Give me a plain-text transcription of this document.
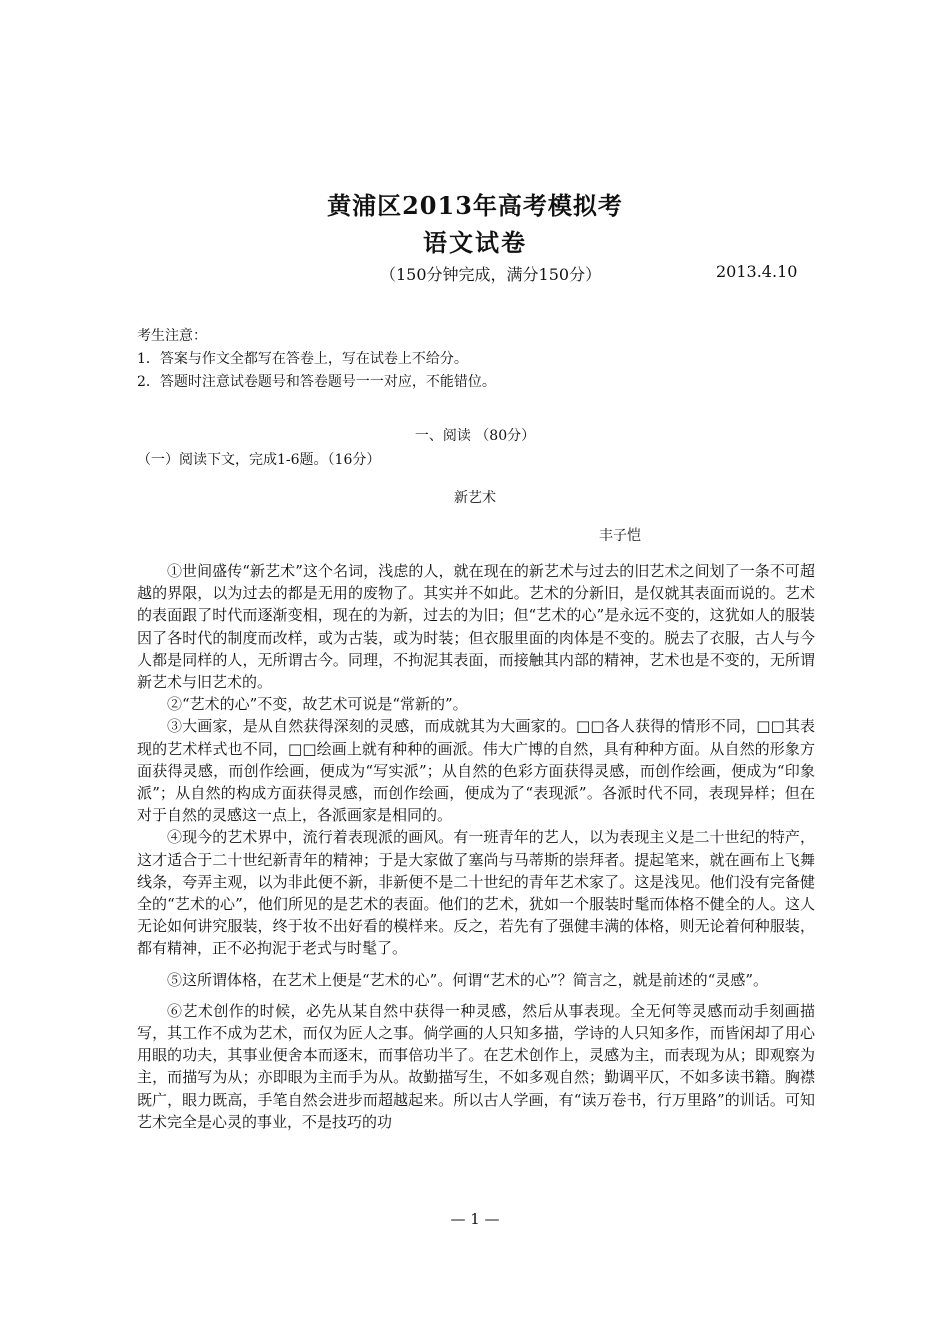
黄浦区2013年高考模拟考
语文试卷
（150分钟完成，满分150分）	2013.4.10
考生注意：
1．答案与作文全都写在答卷上，写在试卷上不给分。
2．答题时注意试卷题号和答卷题号一一对应，不能错位。
一、阅读 （80分）
（一）阅读下文，完成1-6题。（16分）
新艺术
丰子恺

①世间盛传“新艺术”这个名词，浅虑的人，就在现在的新艺术与过去的旧艺术之间划了一条不可超越的界限，以为过去的都是无用的废物了。其实并不如此。艺术的分新旧，是仅就其表面而说的。艺术的表面跟了时代而逐渐变相，现在的为新，过去的为旧；但“艺术的心”是永远不变的，这犹如人的服装因了各时代的制度而改样，或为古装，或为时装；但衣服里面的肉体是不变的。脱去了衣服，古人与今人都是同样的人，无所谓古今。同理，不拘泥其表面，而接触其内部的精神，艺术也是不变的，无所谓新艺术与旧艺术的。

②“艺术的心”不变，故艺术可说是“常新的”。

③大画家，是从自然获得深刻的灵感，而成就其为大画家的。□□各人获得的情形不同，□□其表现的艺术样式也不同，□□绘画上就有种种的画派。伟大广博的自然，具有种种方面。从自然的形象方面获得灵感，而创作绘画，便成为“写实派”；从自然的色彩方面获得灵感，而创作绘画，便成为“印象派”；从自然的构成方面获得灵感，而创作绘画，便成为了“表现派”。各派时代不同，表现异样；但在对于自然的灵感这一点上，各派画家是相同的。

④现今的艺术界中，流行着表现派的画风。有一班青年的艺人，以为表现主义是二十世纪的特产，这才适合于二十世纪新青年的精神；于是大家做了塞尚与马蒂斯的崇拜者。提起笔来，就在画布上飞舞线条，夸弄主观，以为非此便不新，非新便不是二十世纪的青年艺术家了。这是浅见。他们没有完备健全的“艺术的心”，他们所见的是艺术的表面。他们的艺术，犹如一个服装时髦而体格不健全的人。这人无论如何讲究服装，终于妆不出好看的模样来。反之，若先有了强健丰满的体格，则无论着何种服装，都有精神，正不必拘泥于老式与时髦了。

⑤这所谓体格，在艺术上便是“艺术的心”。何谓“艺术的心”？简言之，就是前述的“灵感”。

⑥艺术创作的时候，必先从某自然中获得一种灵感，然后从事表现。全无何等灵感而动手刻画描写，其工作不成为艺术，而仅为匠人之事。倘学画的人只知多描，学诗的人只知多作，而皆闲却了用心用眼的功夫，其事业便舍本而逐末，而事倍功半了。在艺术创作上，灵感为主，而表现为从；即观察为主，而描写为从；亦即眼为主而手为从。故勤描写生，不如多观自然；勤调平仄，不如多读书籍。胸襟既广，眼力既高，手笔自然会进步而超越起来。所以古人学画，有“读万卷书，行万里路”的训话。可知艺术完全是心灵的事业，不是技巧的功

— 1 —
